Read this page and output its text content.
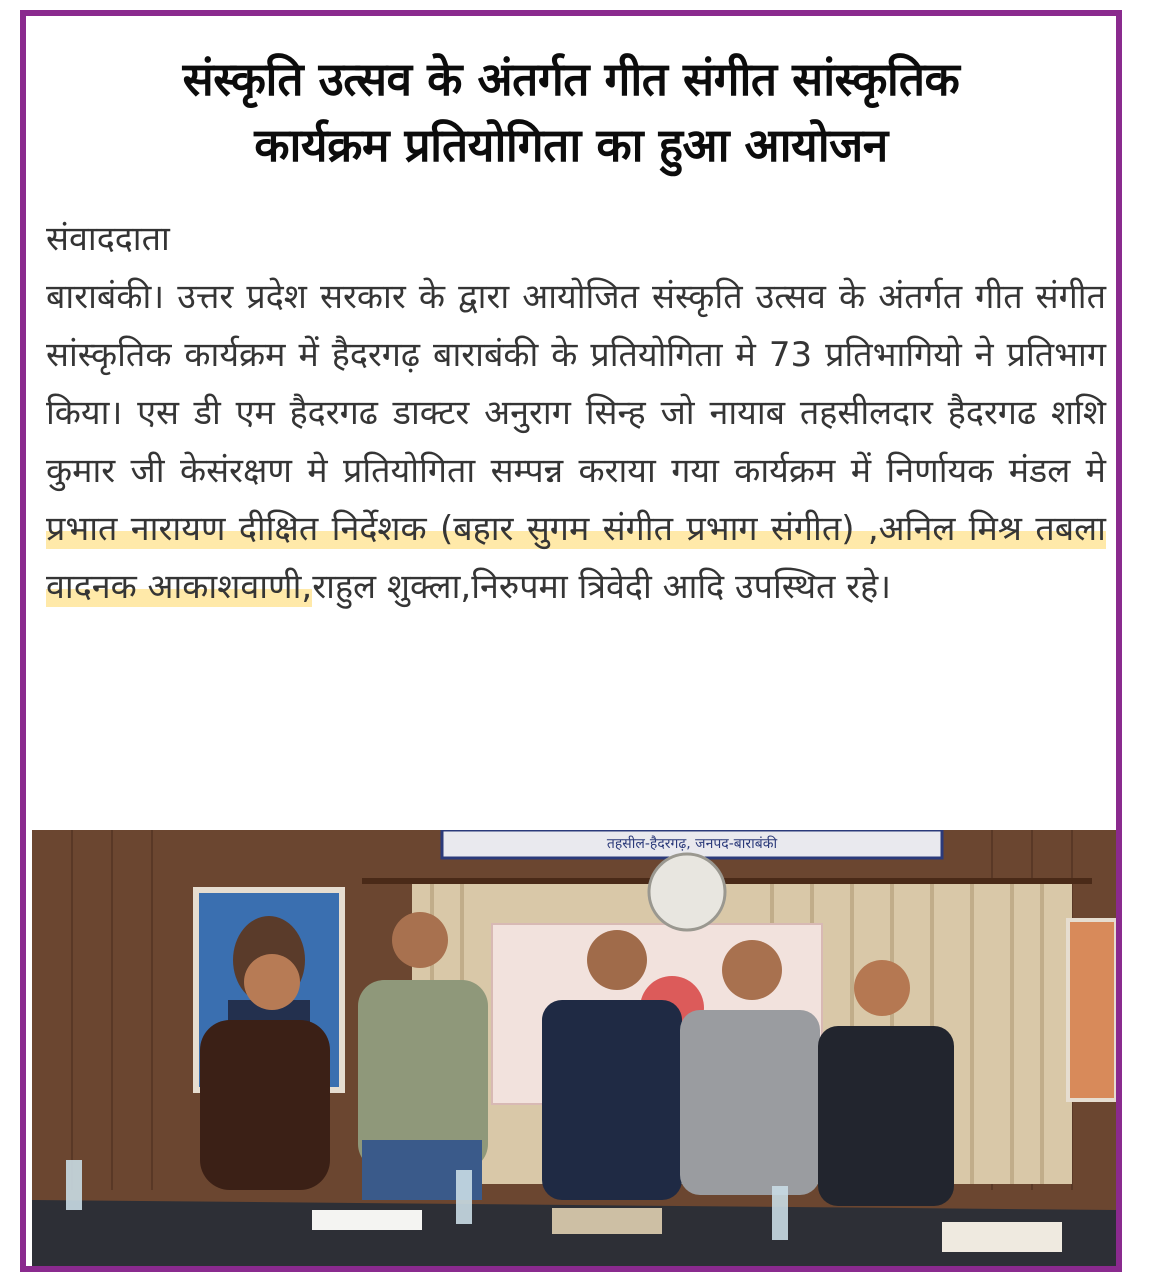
संस्कृति उत्सव के अंतर्गत गीत संगीत सांस्कृतिक
कार्यक्रम प्रतियोगिता का हुआ आयोजन
संवाददाता
बाराबंकी। उत्तर प्रदेश सरकार के द्वारा आयोजित संस्कृति उत्सव के अंतर्गत गीत संगीत सांस्कृतिक कार्यक्रम में हैदरगढ़ बाराबंकी के प्रतियोगिता मे 73 प्रतिभागियो ने प्रतिभाग किया। एस डी एम हैदरगढ डाक्टर अनुराग सिन्ह जो नायाब तहसीलदार हैदरगढ शशि कुमार जी केसंरक्षण मे प्रतियोगिता सम्पन्न कराया गया कार्यक्रम में निर्णायक मंडल मे प्रभात नारायण दीक्षित निर्देशक (बहार सुगम संगीत प्रभाग संगीत) ,अनिल मिश्र तबला वादनक आकाशवाणी,राहुल शुक्ला,निरुपमा त्रिवेदी आदि उपस्थित रहे।
तहसील-हैदरगढ़, जनपद-बाराबंकी
